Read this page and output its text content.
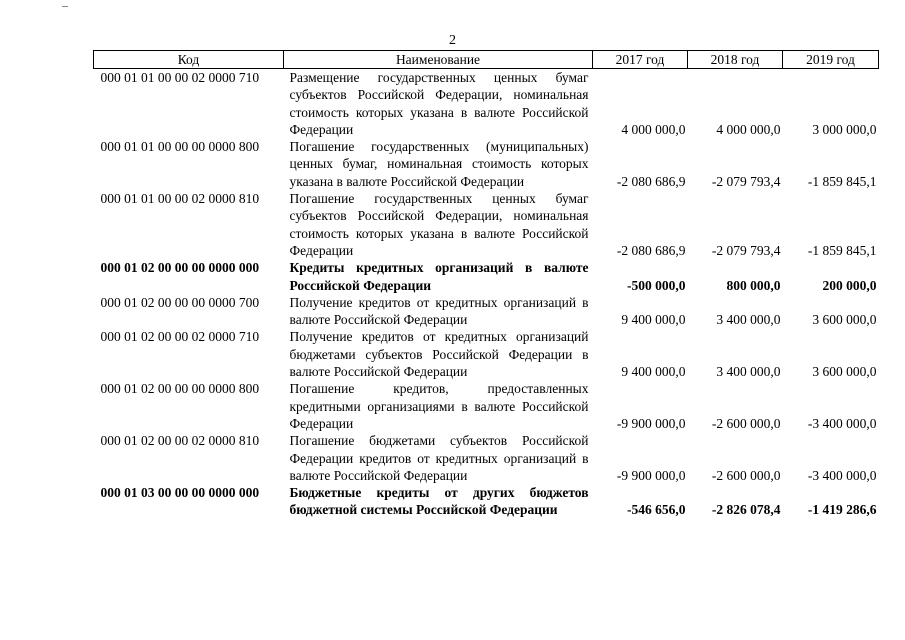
2
Код	Наименование	2017 год	2018 год	2019 год
000 01 01 00 00 02 0000 710	Размещение государственных ценных бумаг субъектов Российской Федерации, номинальная стоимость которых указана в валюте Российской Федерации	4 000 000,0	4 000 000,0	3 000 000,0
000 01 01 00 00 00 0000 800	Погашение государственных (муниципальных) ценных бумаг, номинальная стоимость которых указана в валюте Российской Федерации	-2 080 686,9	-2 079 793,4	-1 859 845,1
000 01 01 00 00 02 0000 810	Погашение государственных ценных бумаг субъектов Российской Федерации, номинальная стоимость которых указана в валюте Российской Федерации	-2 080 686,9	-2 079 793,4	-1 859 845,1
000 01 02 00 00 00 0000 000	Кредиты кредитных организаций в валюте Российской Федерации	-500 000,0	800 000,0	200 000,0
000 01 02 00 00 00 0000 700	Получение кредитов от кредитных организаций в валюте Российской Федерации	9 400 000,0	3 400 000,0	3 600 000,0
000 01 02 00 00 02 0000 710	Получение кредитов от кредитных организаций бюджетами субъектов Российской Федерации в валюте Российской Федерации	9 400 000,0	3 400 000,0	3 600 000,0
000 01 02 00 00 00 0000 800	Погашение кредитов, предоставленных кредитными организациями в валюте Российской Федерации	-9 900 000,0	-2 600 000,0	-3 400 000,0
000 01 02 00 00 02 0000 810	Погашение бюджетами субъектов Российской Федерации кредитов от кредитных организаций в валюте Российской Федерации	-9 900 000,0	-2 600 000,0	-3 400 000,0
000 01 03 00 00 00 0000 000	Бюджетные кредиты от других бюджетов бюджетной системы Российской Федерации	-546 656,0	-2 826 078,4	-1 419 286,6
